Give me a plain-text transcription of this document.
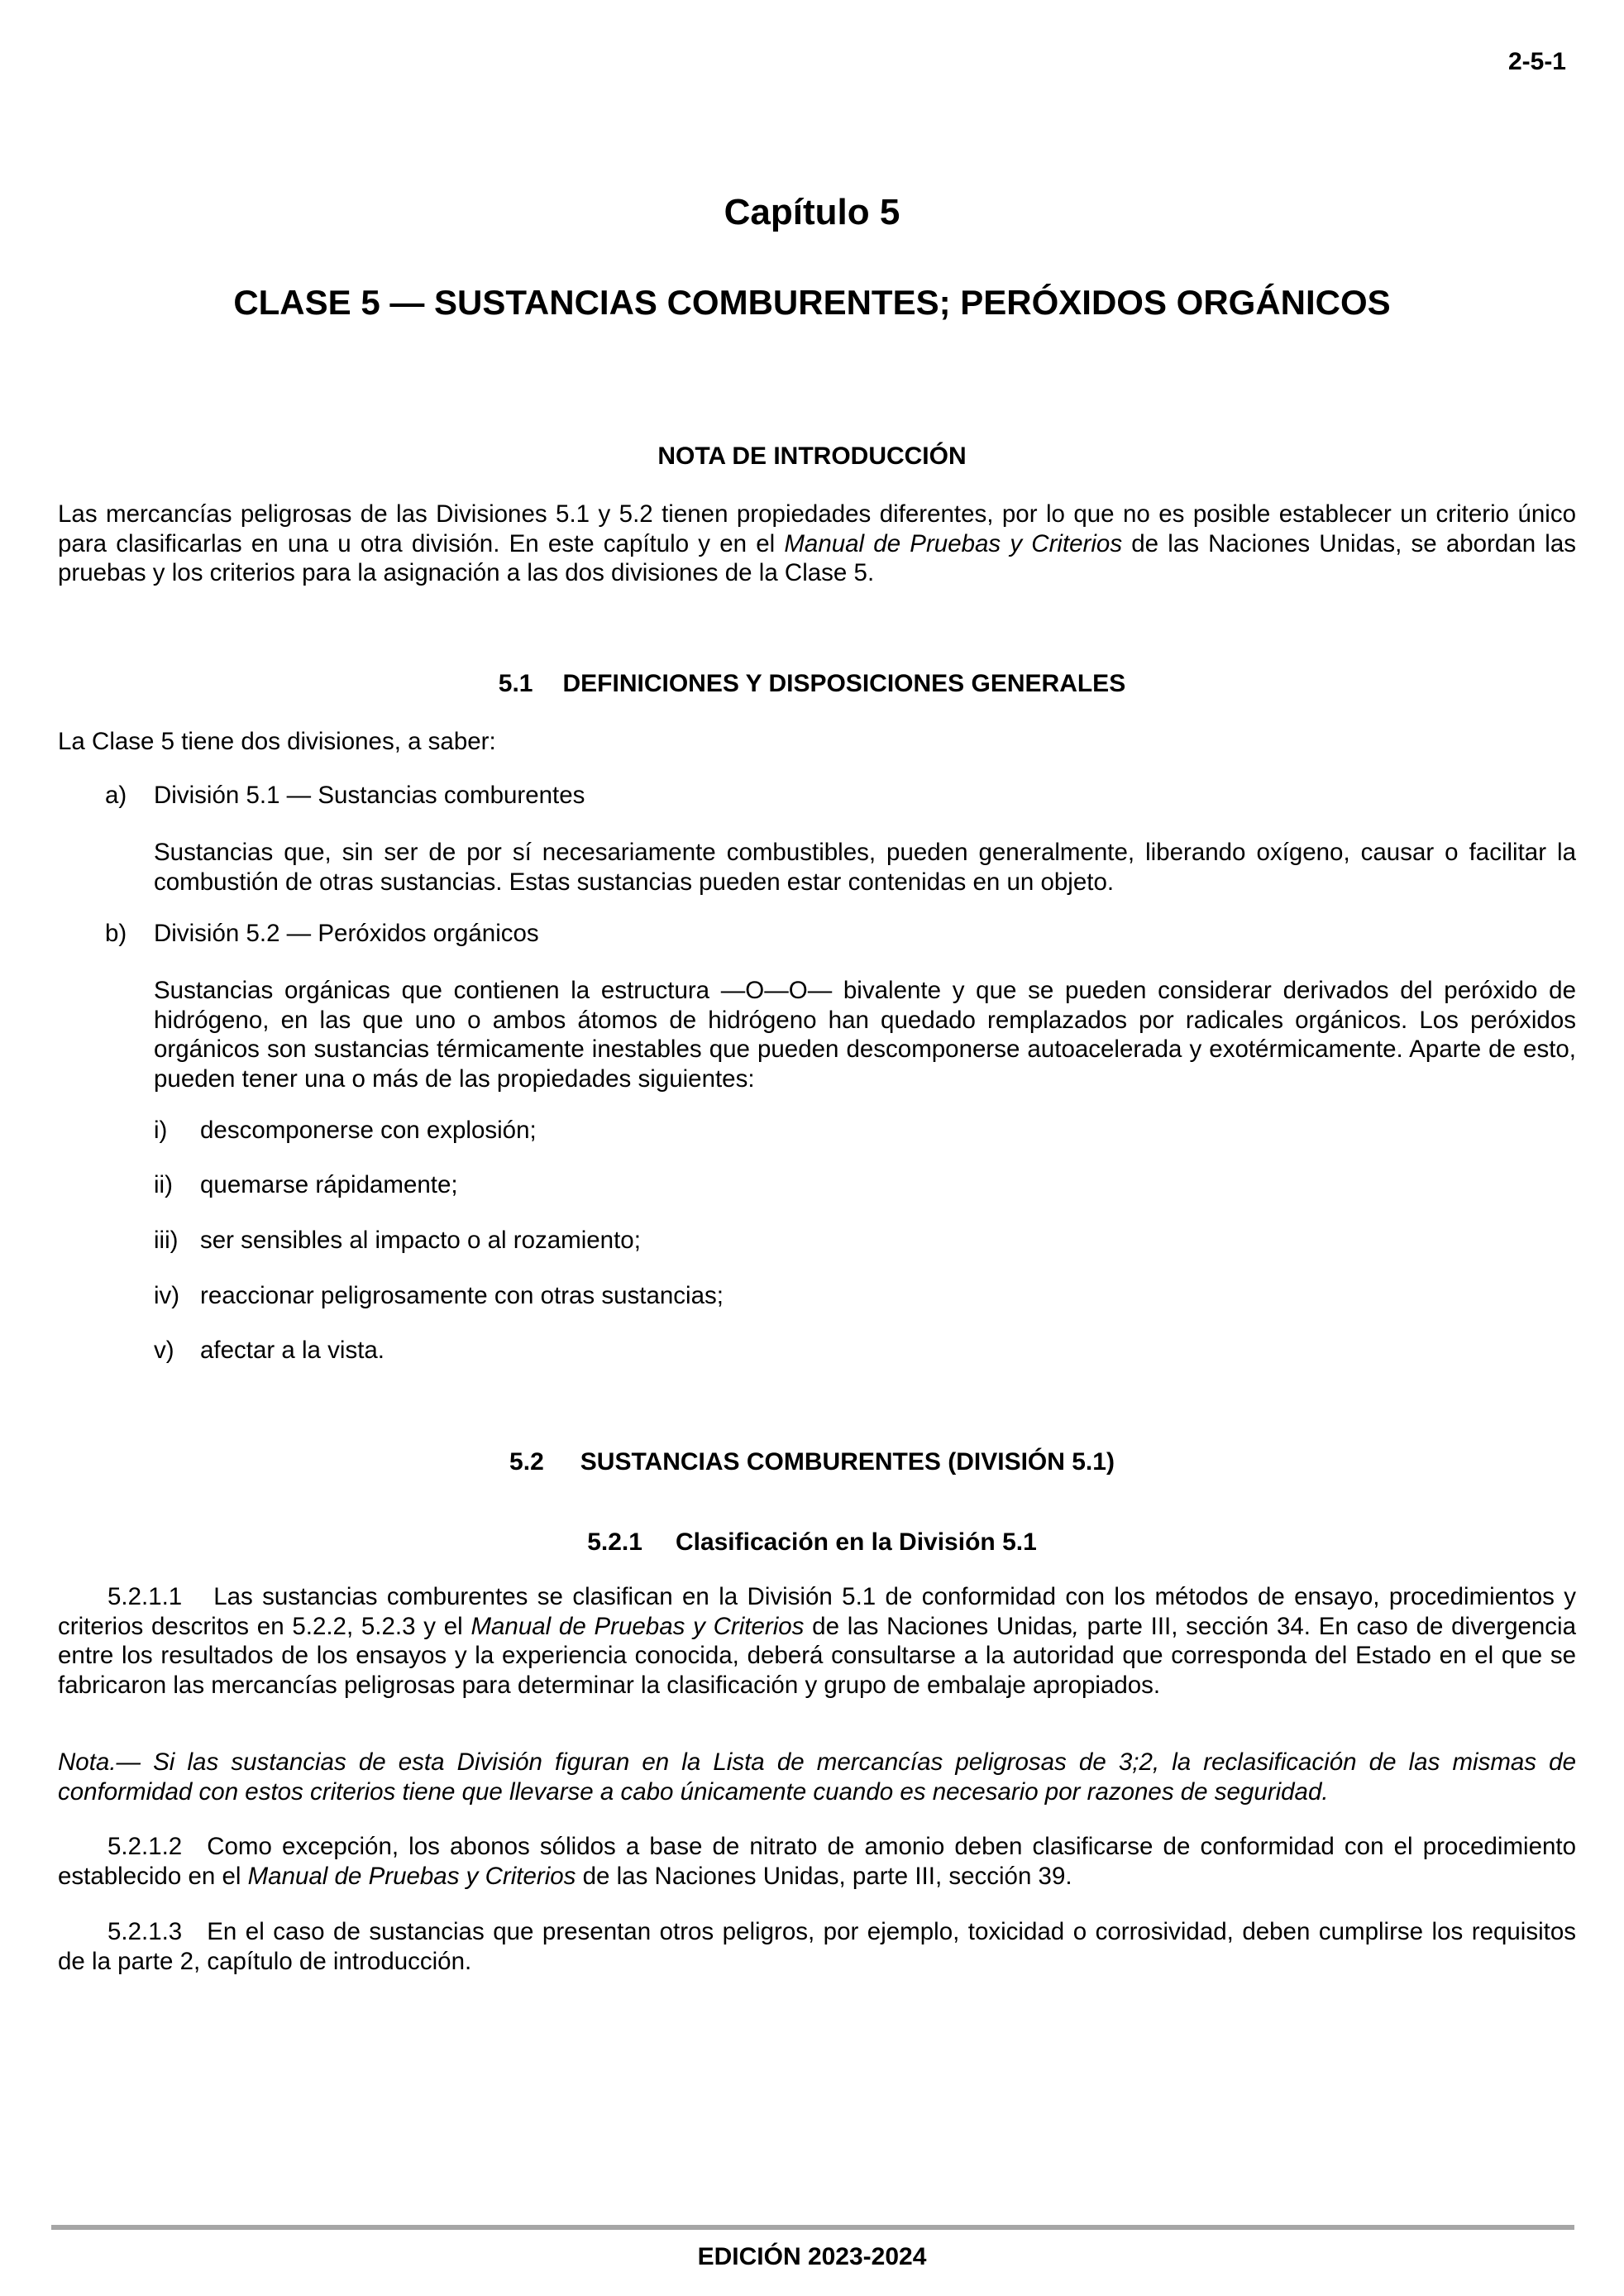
2-5-1
Capítulo 5
CLASE 5 — SUSTANCIAS COMBURENTES; PERÓXIDOS ORGÁNICOS
NOTA DE INTRODUCCIÓN
Las mercancías peligrosas de las Divisiones 5.1 y 5.2 tienen propiedades diferentes, por lo que no es posible establecer un criterio único para clasificarlas en una u otra división. En este capítulo y en el Manual de Pruebas y Criterios de las Naciones Unidas, se abordan las pruebas y los criterios para la asignación a las dos divisiones de la Clase 5.
5.1 DEFINICIONES Y DISPOSICIONES GENERALES
La Clase 5 tiene dos divisiones, a saber:
a) División 5.1 — Sustancias comburentes
Sustancias que, sin ser de por sí necesariamente combustibles, pueden generalmente, liberando oxígeno, causar o facilitar la combustión de otras sustancias. Estas sustancias pueden estar contenidas en un objeto.
b) División 5.2 — Peróxidos orgánicos
Sustancias orgánicas que contienen la estructura —O—O— bivalente y que se pueden considerar derivados del peróxido de hidrógeno, en las que uno o ambos átomos de hidrógeno han quedado remplazados por radicales orgánicos. Los peróxidos orgánicos son sustancias térmicamente inestables que pueden descomponerse autoacelerada y exotérmicamente. Aparte de esto, pueden tener una o más de las propiedades siguientes:
i) descomponerse con explosión;
ii) quemarse rápidamente;
iii) ser sensibles al impacto o al rozamiento;
iv) reaccionar peligrosamente con otras sustancias;
v) afectar a la vista.
5.2 SUSTANCIAS COMBURENTES (DIVISIÓN 5.1)
5.2.1 Clasificación en la División 5.1
5.2.1.1 Las sustancias comburentes se clasifican en la División 5.1 de conformidad con los métodos de ensayo, procedimientos y criterios descritos en 5.2.2, 5.2.3 y el Manual de Pruebas y Criterios de las Naciones Unidas, parte III, sección 34. En caso de divergencia entre los resultados de los ensayos y la experiencia conocida, deberá consultarse a la autoridad que corresponda del Estado en el que se fabricaron las mercancías peligrosas para determinar la clasificación y grupo de embalaje apropiados.
Nota.— Si las sustancias de esta División figuran en la Lista de mercancías peligrosas de 3;2, la reclasificación de las mismas de conformidad con estos criterios tiene que llevarse a cabo únicamente cuando es necesario por razones de seguridad.
5.2.1.2 Como excepción, los abonos sólidos a base de nitrato de amonio deben clasificarse de conformidad con el procedimiento establecido en el Manual de Pruebas y Criterios de las Naciones Unidas, parte III, sección 39.
5.2.1.3 En el caso de sustancias que presentan otros peligros, por ejemplo, toxicidad o corrosividad, deben cumplirse los requisitos de la parte 2, capítulo de introducción.
EDICIÓN 2023-2024
